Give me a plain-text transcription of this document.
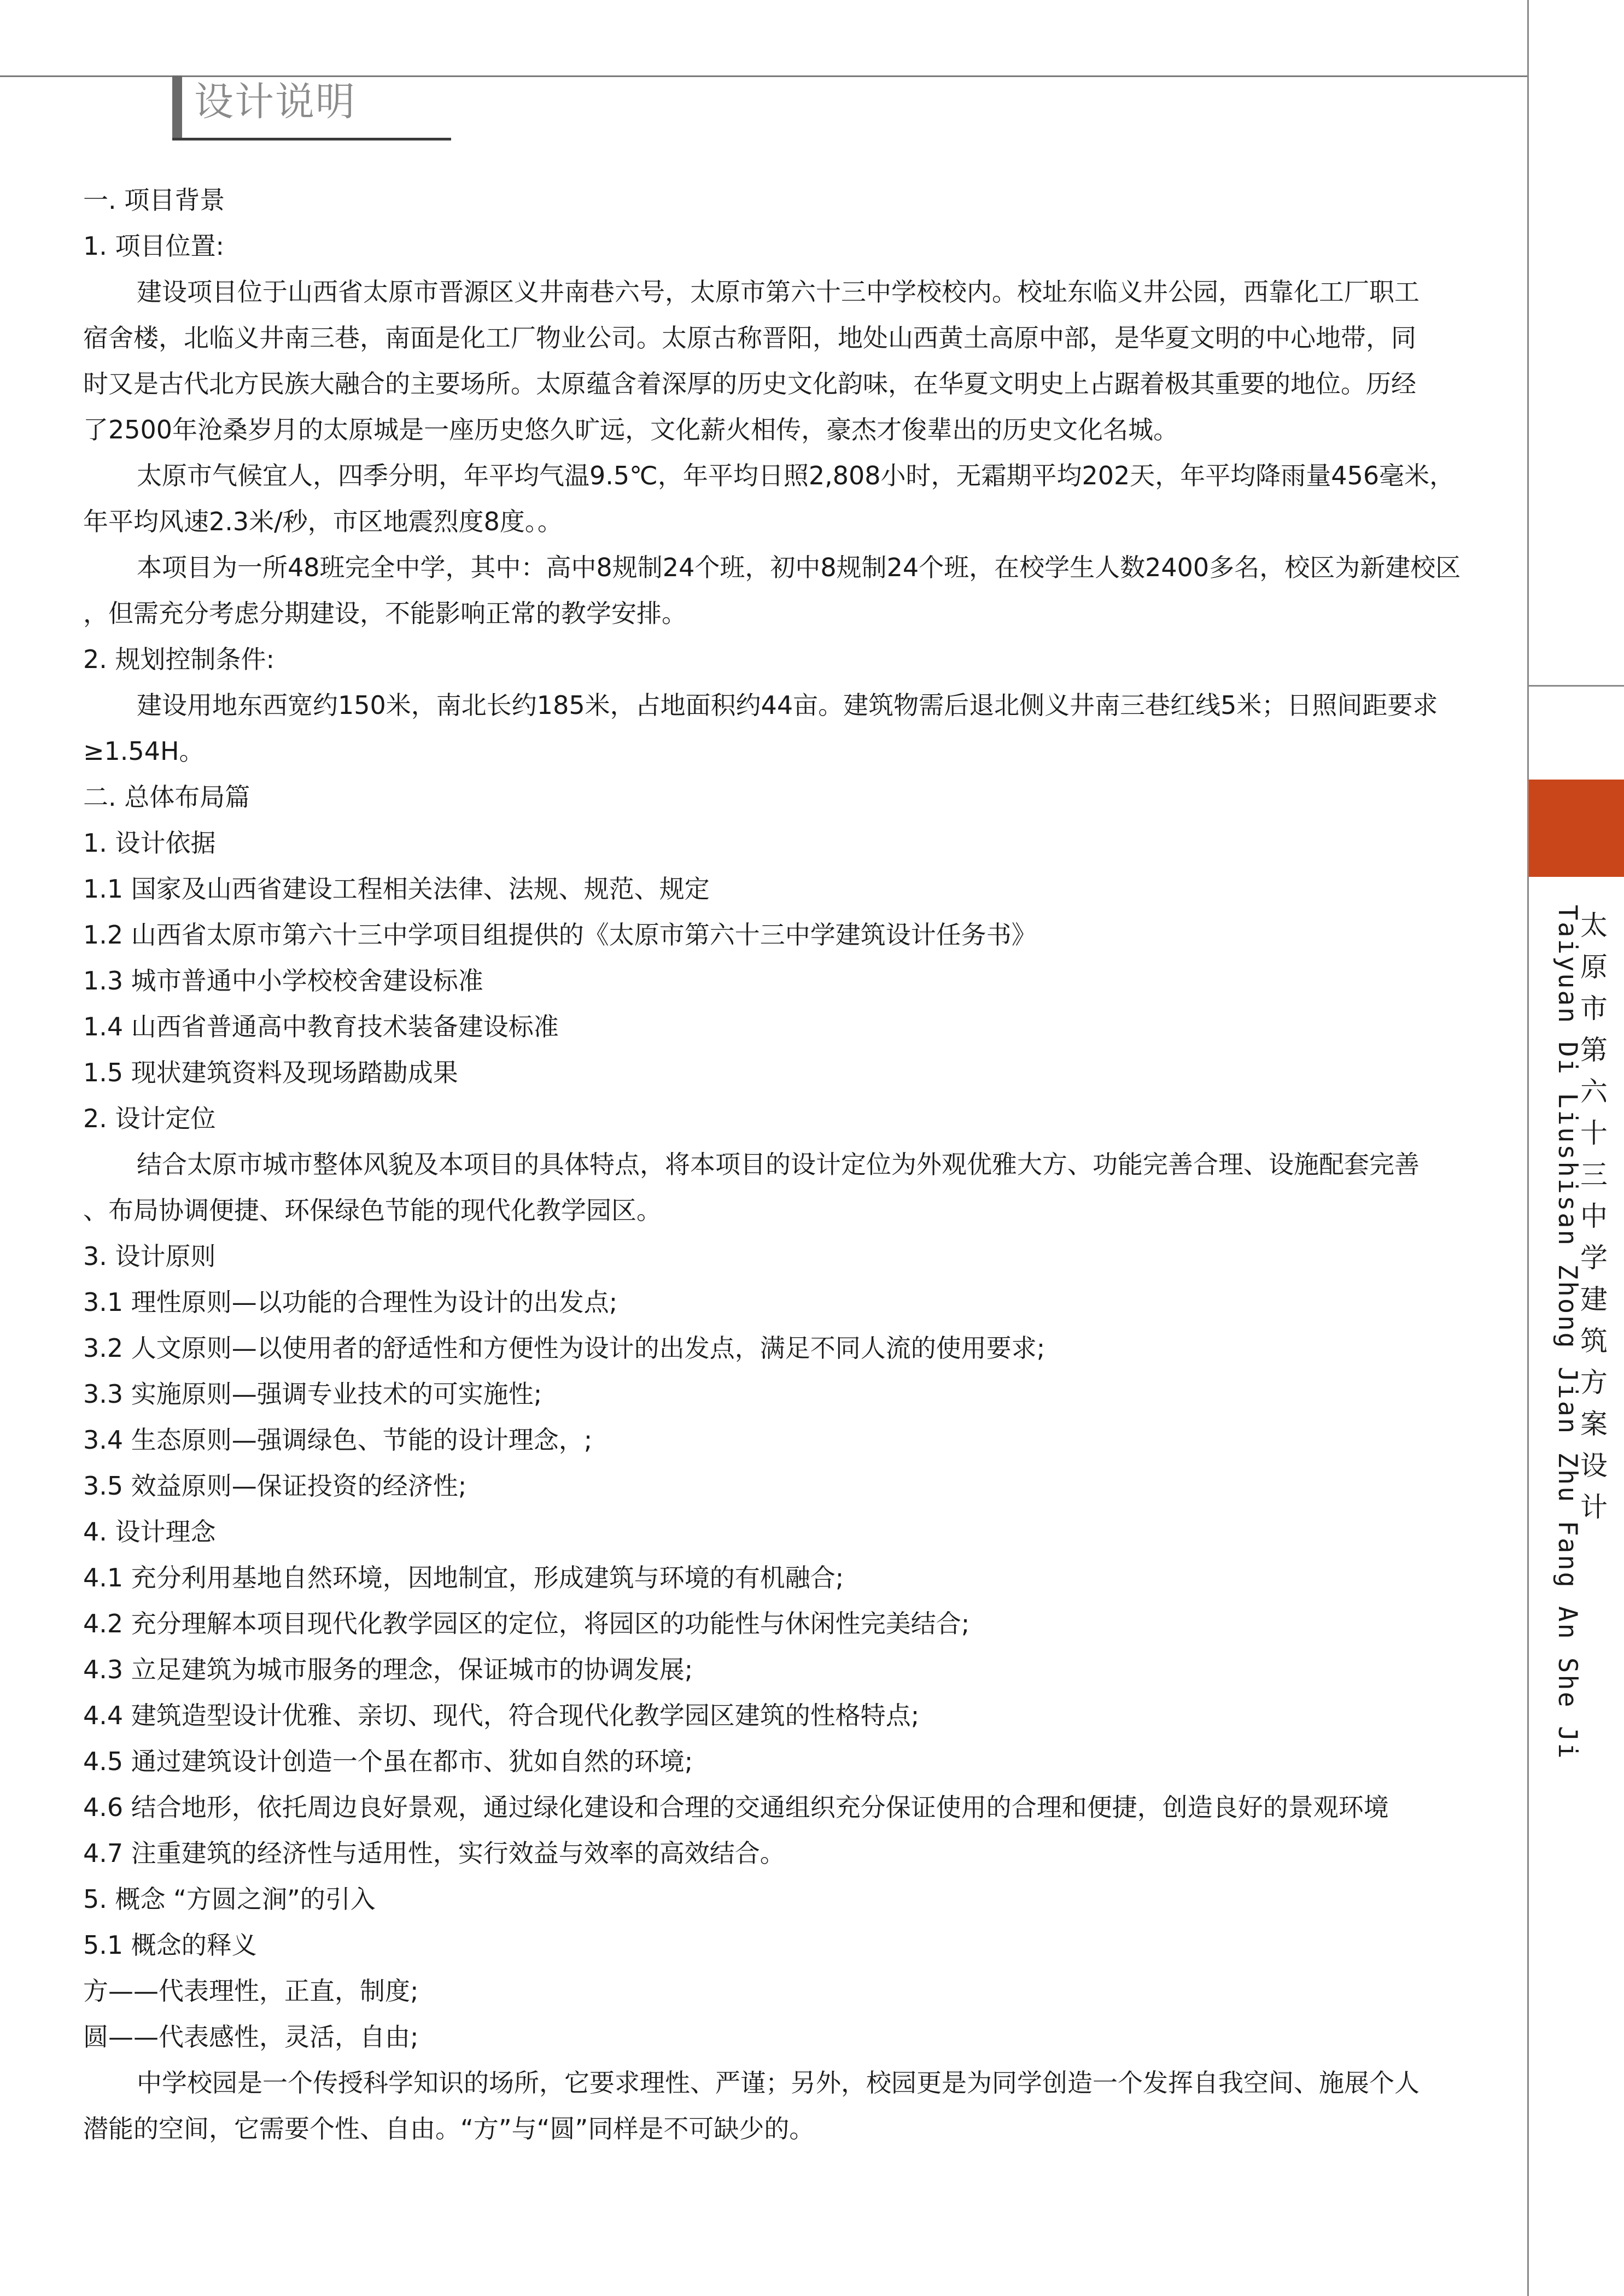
设计说明
一. 项目背景
1. 项目位置:
建设项目位于山西省太原市晋源区义井南巷六号，太原市第六十三中学校校内。校址东临义井公园，西靠化工厂职工
宿舍楼，北临义井南三巷，南面是化工厂物业公司。太原古称晋阳，地处山西黄土高原中部，是华夏文明的中心地带，同
时又是古代北方民族大融合的主要场所。太原蕴含着深厚的历史文化韵味，在华夏文明史上占踞着极其重要的地位。历经
了2500年沧桑岁月的太原城是一座历史悠久旷远，文化薪火相传，豪杰才俊辈出的历史文化名城。
太原市气候宜人，四季分明，年平均气温9.5℃，年平均日照2,808小时，无霜期平均202天，年平均降雨量456毫米，
年平均风速2.3米/秒，市区地震烈度8度。。
本项目为一所48班完全中学，其中：高中8规制24个班，初中8规制24个班，在校学生人数2400多名，校区为新建校区
，但需充分考虑分期建设，不能影响正常的教学安排。
2. 规划控制条件:
建设用地东西宽约150米，南北长约185米，占地面积约44亩。建筑物需后退北侧义井南三巷红线5米；日照间距要求
≥1.54H。
二. 总体布局篇
1. 设计依据
1.1 国家及山西省建设工程相关法律、法规、规范、规定
1.2 山西省太原市第六十三中学项目组提供的《太原市第六十三中学建筑设计任务书》
1.3 城市普通中小学校校舍建设标准
1.4 山西省普通高中教育技术装备建设标准
1.5 现状建筑资料及现场踏勘成果
2. 设计定位
结合太原市城市整体风貌及本项目的具体特点，将本项目的设计定位为外观优雅大方、功能完善合理、设施配套完善
、布局协调便捷、环保绿色节能的现代化教学园区。
3. 设计原则
3.1 理性原则—以功能的合理性为设计的出发点;
3.2 人文原则—以使用者的舒适性和方便性为设计的出发点，满足不同人流的使用要求;
3.3 实施原则—强调专业技术的可实施性;
3.4 生态原则—强调绿色、节能的设计理念，;
3.5 效益原则—保证投资的经济性;
4. 设计理念
4.1 充分利用基地自然环境，因地制宜，形成建筑与环境的有机融合;
4.2 充分理解本项目现代化教学园区的定位，将园区的功能性与休闲性完美结合;
4.3 立足建筑为城市服务的理念，保证城市的协调发展;
4.4 建筑造型设计优雅、亲切、现代，符合现代化教学园区建筑的性格特点;
4.5 通过建筑设计创造一个虽在都市、犹如自然的环境;
4.6 结合地形，依托周边良好景观，通过绿化建设和合理的交通组织充分保证使用的合理和便捷，创造良好的景观环境
4.7 注重建筑的经济性与适用性，实行效益与效率的高效结合。
5. 概念 “方圆之涧”的引入
5.1 概念的释义
方——代表理性，正直，制度;
圆——代表感性，灵活，自由;
中学校园是一个传授科学知识的场所，它要求理性、严谨；另外，校园更是为同学创造一个发挥自我空间、施展个人
潜能的空间，它需要个性、自由。“方”与“圆”同样是不可缺少的。
太
原
市
第
六
十
三
中
学
建
筑
方
案
设
计
Taiyuan Di Liushisan Zhong Jian Zhu Fang An She Ji
